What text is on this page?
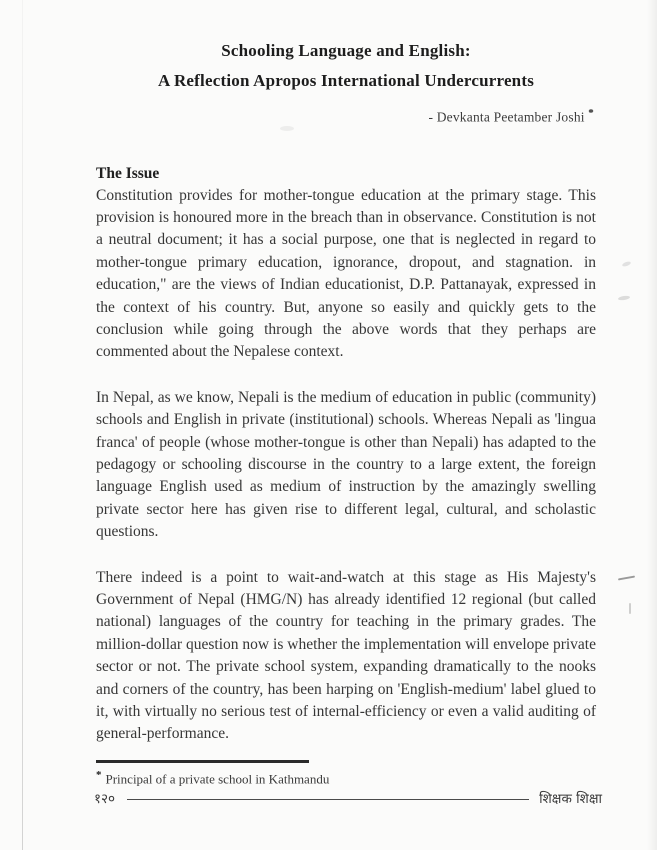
Schooling Language and English:
A Reflection Apropos International Undercurrents
- Devkanta Peetamber Joshi *
The Issue

Constitution provides for mother-tongue education at the primary stage. This provision is honoured more in the breach than in observance. Constitution is not a neutral document; it has a social purpose, one that is neglected in regard to mother-tongue primary education, ignorance, dropout, and stagnation. in education," are the views of Indian educationist, D.P. Pattanayak, expressed in the context of his country. But, anyone so easily and quickly gets to the conclusion while going through the above words that they perhaps are commented about the Nepalese context.

In Nepal, as we know, Nepali is the medium of education in public (community) schools and English in private (institutional) schools. Whereas Nepali as 'lingua franca' of people (whose mother-tongue is other than Nepali) has adapted to the pedagogy or schooling discourse in the country to a large extent, the foreign language English used as medium of instruction by the amazingly swelling private sector here has given rise to different legal, cultural, and scholastic questions.

There indeed is a point to wait-and-watch at this stage as His Majesty's Government of Nepal (HMG/N) has already identified 12 regional (but called national) languages of the country for teaching in the primary grades. The million-dollar question now is whether the implementation will envelope private sector or not. The private school system, expanding dramatically to the nooks and corners of the country, has been harping on 'English-medium' label glued to it, with virtually no serious test of internal-efficiency or even a valid auditing of general-performance.

* Principal of a private school in Kathmandu
१२०	शिक्षक शिक्षा
